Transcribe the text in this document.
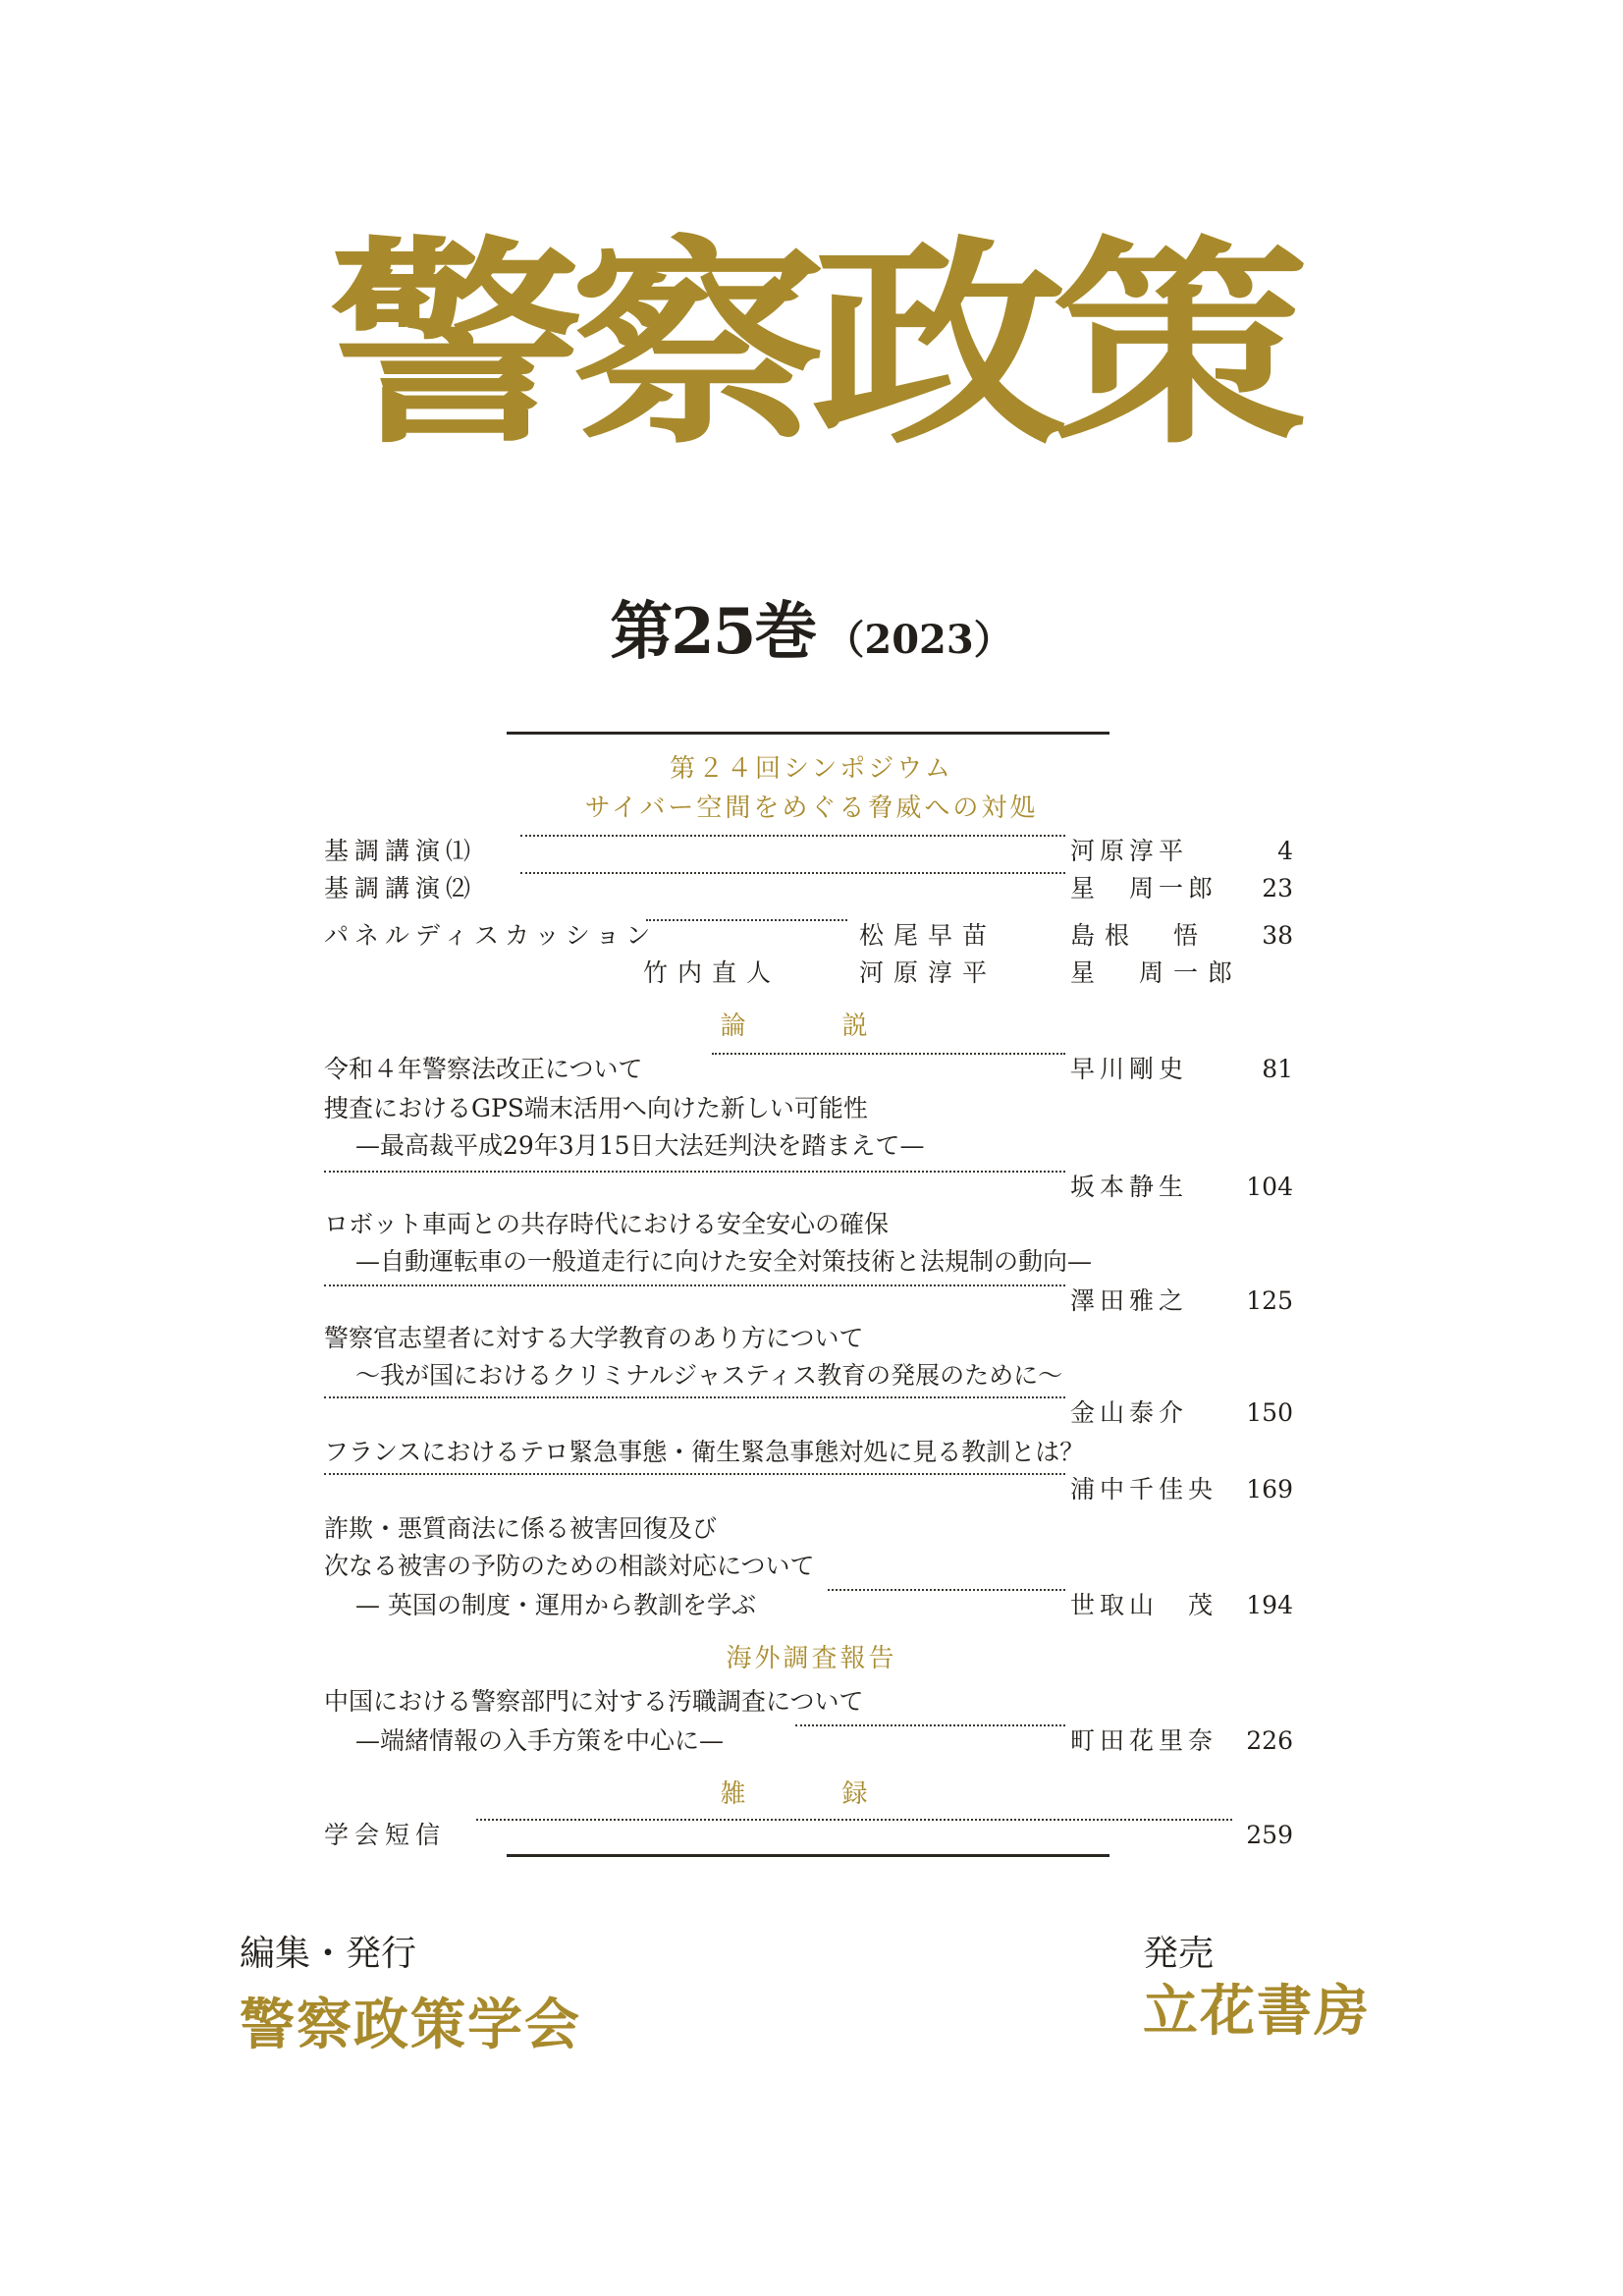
警察政策
第25巻 （2023）
第２４回シンポジウム
サイバー空間をめぐる脅威への対処
基調講演⑴	河原淳平	4
基調講演⑵	星　周一郎 23
パネルディスカッション	松尾早苗	島根　悟 38
竹内直人	河原淳平	星　周一郎
論　説
令和４年警察法改正について	早川剛史	81
捜査におけるGPS端末活用へ向けた新しい可能性
—最高裁平成29年3月15日大法廷判決を踏まえて—
坂本静生 104
ロボット車両との共存時代における安全安心の確保
—自動運転車の一般道走行に向けた安全対策技術と法規制の動向—
澤田雅之 125
警察官志望者に対する大学教育のあり方について
～我が国におけるクリミナルジャスティス教育の発展のために～
金山泰介 150
フランスにおけるテロ緊急事態・衛生緊急事態対処に見る教訓とは？
浦中千佳央 169
詐欺・悪質商法に係る被害回復及び
次なる被害の予防のための相談対応について
— 英国の制度・運用から教訓を学ぶ	世取山　茂 194
海外調査報告
中国における警察部門に対する汚職調査について
—端緒情報の入手方策を中心に—	町田花里奈 226
雑　録
学会短信	259
編集・発行
警察政策学会
発売
立花書房
